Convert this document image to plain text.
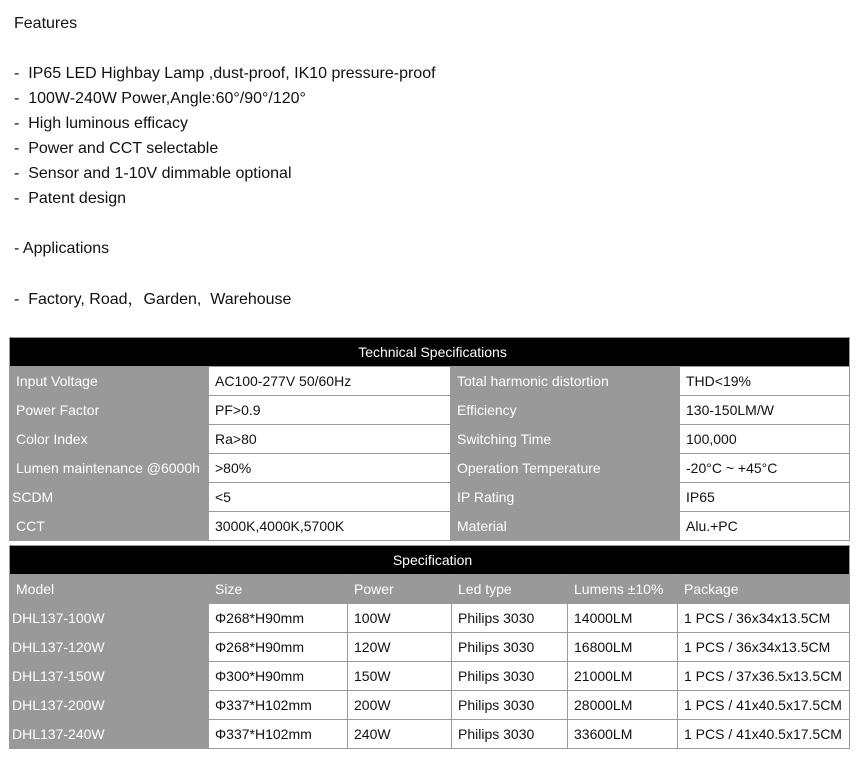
Features
-  IP65 LED Highbay Lamp ,dust-proof, IK10 pressure-proof
-  100W-240W Power,Angle:60°/90°/120°
-  High luminous efficacy
-  Power and CCT selectable
-  Sensor and 1-10V dimmable optional
-  Patent design
- Applications
-  Factory, Road，Garden,  Warehouse
Technical Specifications			
Input Voltage	AC100-277V 50/60Hz	Total harmonic distortion	THD<19%
Power Factor	PF>0.9	Efficiency	130-150LM/W
Color Index	Ra>80	Switching Time	100,000
Lumen maintenance @6000h	>80%	Operation Temperature	-20°C ~ +45°C
SCDM	<5	IP Rating	IP65
CCT	3000K,4000K,5700K	Material	Alu.+PC
Specification					
Model	Size	Power	Led type	Lumens ±10%	Package
DHL137-100W	Φ268*H90mm	100W	Philips 3030	14000LM	1 PCS / 36x34x13.5CM
DHL137-120W	Φ268*H90mm	120W	Philips 3030	16800LM	1 PCS / 36x34x13.5CM
DHL137-150W	Φ300*H90mm	150W	Philips 3030	21000LM	1 PCS / 37x36.5x13.5CM
DHL137-200W	Φ337*H102mm	200W	Philips 3030	28000LM	1 PCS / 41x40.5x17.5CM
DHL137-240W	Φ337*H102mm	240W	Philips 3030	33600LM	1 PCS / 41x40.5x17.5CM
